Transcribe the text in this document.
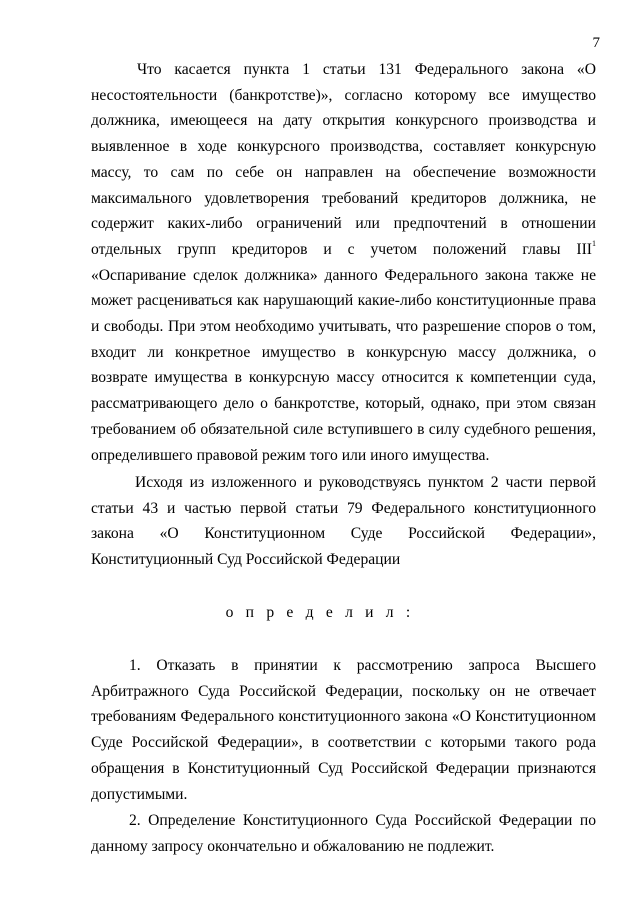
7

Что касается пункта 1 статьи 131 Федерального закона «О несостоятельности (банкротстве)», согласно которому все имущество должника, имеющееся на дату открытия конкурсного производства и выявленное в ходе конкурсного производства, составляет конкурсную массу, то сам по себе он направлен на обеспечение возможности максимального удовлетворения требований кредиторов должника, не содержит каких-либо ограничений или предпочтений в отношении отдельных групп кредиторов и с учетом положений главы III$^1$ «Оспаривание сделок должника» данного Федерального закона также не может расцениваться как нарушающий какие-либо конституционные права и свободы. При этом необходимо учитывать, что разрешение споров о том, входит ли конкретное имущество в конкурсную массу должника, о возврате имущества в конкурсную массу относится к компетенции суда, рассматривающего дело о банкротстве, который, однако, при этом связан требованием об обязательной силе вступившего в силу судебного решения, определившего правовой режим того или иного имущества.

Исходя из изложенного и руководствуясь пунктом 2 части первой статьи 43 и частью первой статьи 79 Федерального конституционного закона «О Конституционном Суде Российской Федерации», Конституционный Суд Российской Федерации

о п р е д е л и л :

1. Отказать в принятии к рассмотрению запроса Высшего Арбитражного Суда Российской Федерации, поскольку он не отвечает требованиям Федерального конституционного закона «О Конституционном Суде Российской Федерации», в соответствии с которыми такого рода обращения в Конституционный Суд Российской Федерации признаются допустимыми.

2. Определение Конституционного Суда Российской Федерации по данному запросу окончательно и обжалованию не подлежит.
